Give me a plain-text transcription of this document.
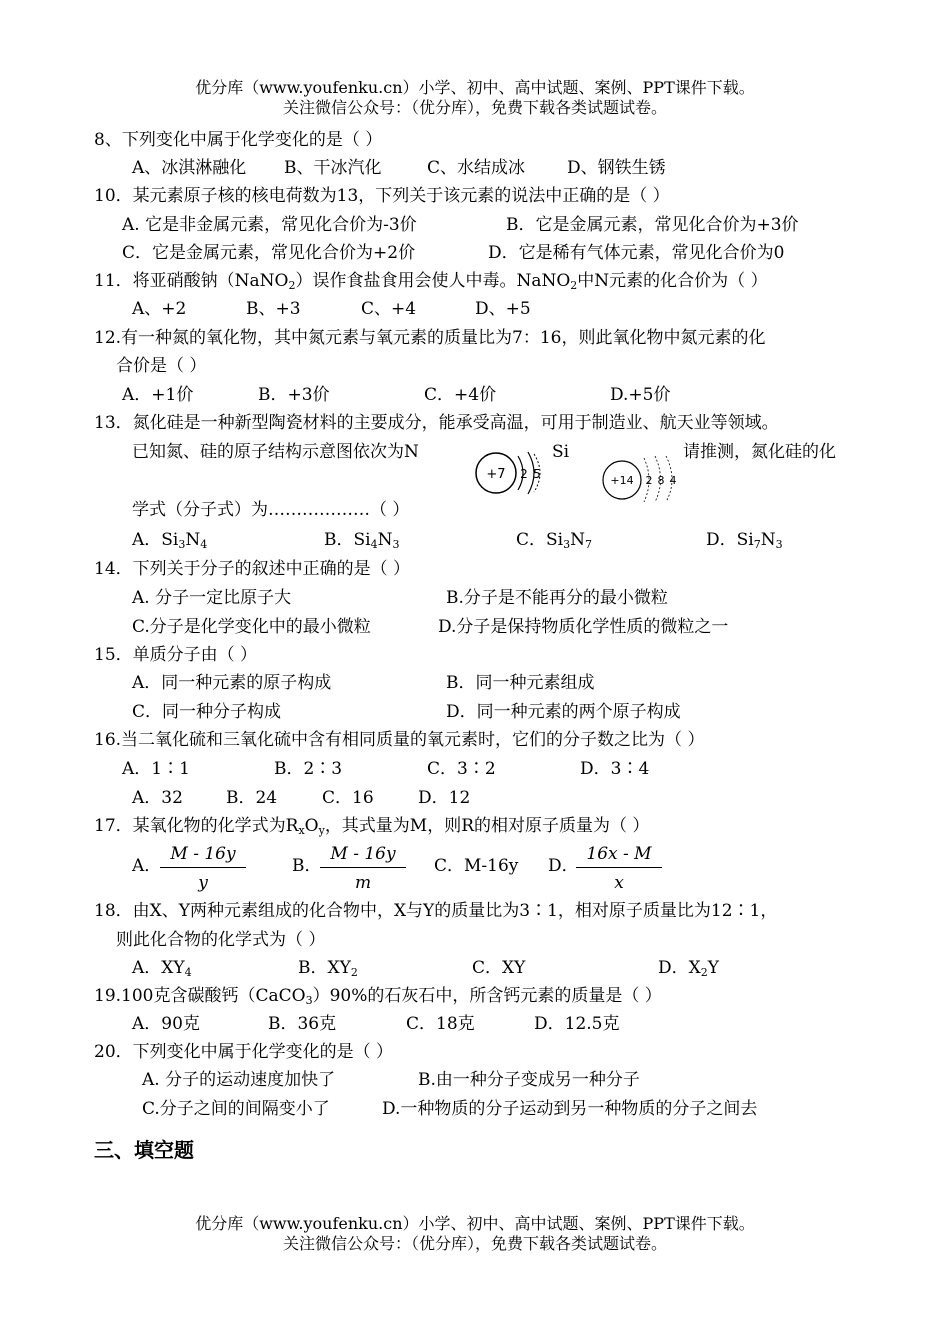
优分库（www.youfenku.cn）小学、初中、高中试题、案例、PPT课件下载。
关注微信公众号：（优分库），免费下载各类试题试卷。
8、下列变化中属于化学变化的是（ ）
A、冰淇淋融化 B、干冰汽化	C、水结成冰 D、钢铁生锈
10．某元素原子核的核电荷数为13，下列关于该元素的说法中正确的是（ ）
A. 它是非金属元素，常见化合价为-3价	B．它是金属元素，常见化合价为+3价
C．它是金属元素，常见化合价为+2价	D．它是稀有气体元素，常见化合价为0
11．将亚硝酸钠（NaNO$_2$）误作食盐食用会使人中毒。NaNO$_2$中N元素的化合价为（ ）
A、+2	B、+3	C、+4	D、+5
12.有一种氮的氧化物，其中氮元素与氧元素的质量比为7：16，则此氧化物中氮元素的化
合价是（ ）
A．+1价	B．+3价	C．+4价	D.+5价
13．氮化硅是一种新型陶瓷材料的主要成分，能承受高温，可用于制造业、航天业等领域。
已知氮、硅的原子结构示意图依次为N	Si	请推测，氮化硅的化
+7 2 5	+14 2 8 4
学式（分子式）为………………（ ）
A．$Si_3N_4$	B．$Si_4N_3$	C．$Si_3N_7$	D．$Si_7N_3$
14．下列关于分子的叙述中正确的是（ ）
A. 分子一定比原子大	B.分子是不能再分的最小微粒
C.分子是化学变化中的最小微粒	D.分子是保持物质化学性质的微粒之一
15．单质分子由（ ）
A．同一种元素的原子构成	B．同一种元素组成
C．同一种分子构成	D．同一种元素的两个原子构成
16.当二氧化硫和三氧化硫中含有相同质量的氧元素时，它们的分子数之比为（ ）
A．1∶1	B．2∶3	C．3∶2	D．3∶4
A．32	B．24	C．16	D．12
17．某氧化物的化学式为$R_xO_y$，其式量为M，则R的相对原子质量为（ ）
A．
$\frac{M - 16y}{y}$	B．
$\frac{M - 16y}{m}$ C．M-16y D．
$\frac{16x - M}{x}$
18．由X、Y两种元素组成的化合物中，X与Y的质量比为3∶1，相对原子质量比为12∶1，
则此化合物的化学式为（ ）
A．$XY_4$	B．$XY_2$	C．XY	D．$X_2Y$
19.100克含碳酸钙（CaCO$_3$）90%的石灰石中，所含钙元素的质量是（ ）
A．90克	B．36克	C．18克	D．12.5克
20．下列变化中属于化学变化的是（ ）
A. 分子的运动速度加快了	B.由一种分子变成另一种分子
C.分子之间的间隔变小了	D.一种物质的分子运动到另一种物质的分子之间去
三、填空题
优分库（www.youfenku.cn）小学、初中、高中试题、案例、PPT课件下载。
关注微信公众号：（优分库），免费下载各类试题试卷。
